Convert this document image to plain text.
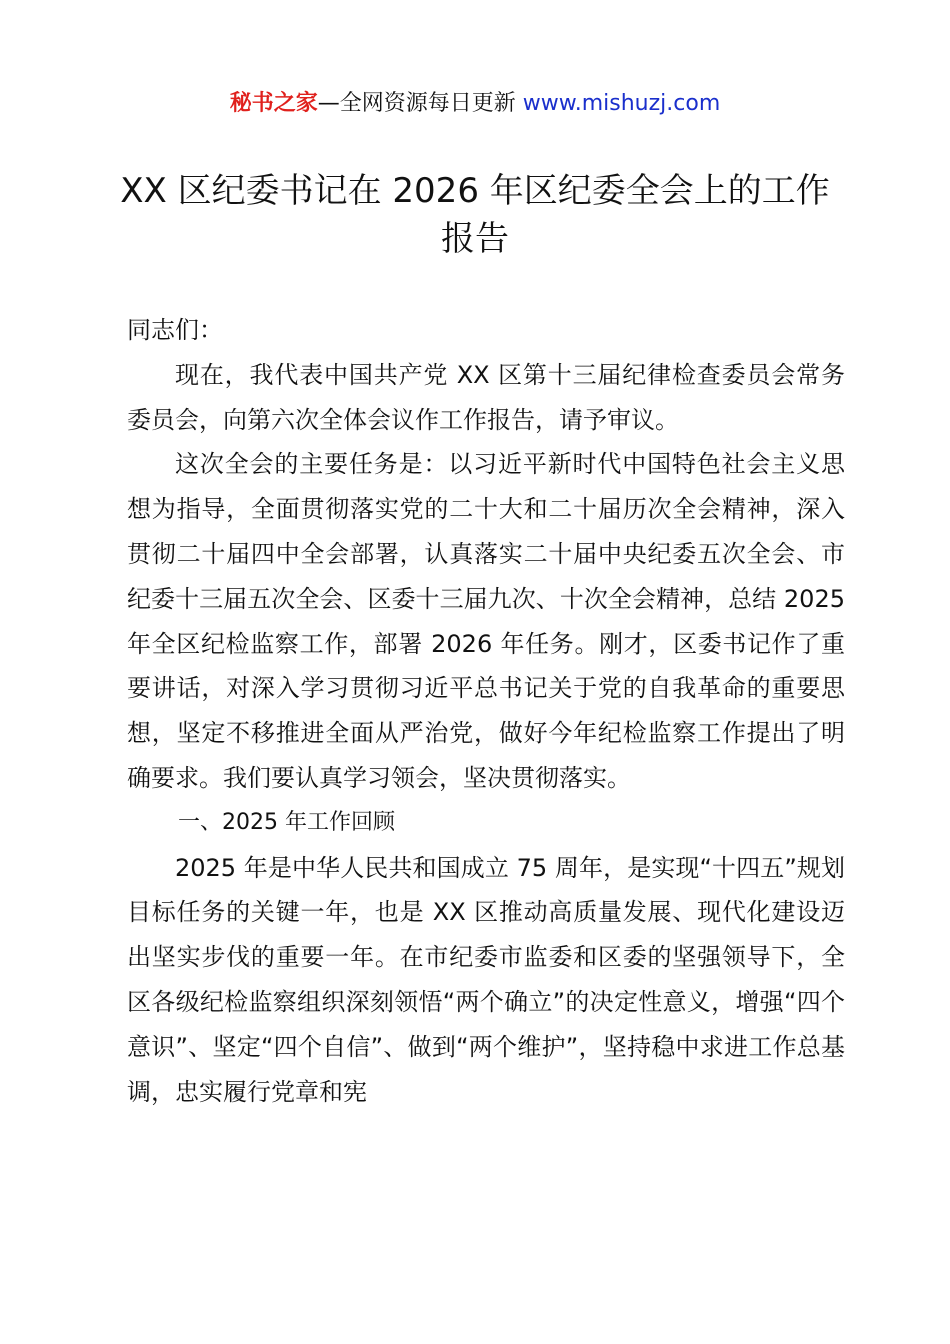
秘书之家—全网资源每日更新 www.mishuzj.com
XX 区纪委书记在 2026 年区纪委全会上的工作报告

同志们：

现在，我代表中国共产党 XX 区第十三届纪律检查委员会常务委员会，向第六次全体会议作工作报告，请予审议。

这次全会的主要任务是：以习近平新时代中国特色社会主义思想为指导，全面贯彻落实党的二十大和二十届历次全会精神，深入贯彻二十届四中全会部署，认真落实二十届中央纪委五次全会、市纪委十三届五次全会、区委十三届九次、十次全会精神，总结 2025 年全区纪检监察工作，部署 2026 年任务。刚才，区委书记作了重要讲话，对深入学习贯彻习近平总书记关于党的自我革命的重要思想，坚定不移推进全面从严治党，做好今年纪检监察工作提出了明确要求。我们要认真学习领会，坚决贯彻落实。

一、2025 年工作回顾

2025 年是中华人民共和国成立 75 周年，是实现“十四五”规划目标任务的关键一年，也是 XX 区推动高质量发展、现代化建设迈出坚实步伐的重要一年。在市纪委市监委和区委的坚强领导下，全区各级纪检监察组织深刻领悟“两个确立”的决定性意义，增强“四个意识”、坚定“四个自信”、做到“两个维护”，坚持稳中求进工作总基调，忠实履行党章和宪
